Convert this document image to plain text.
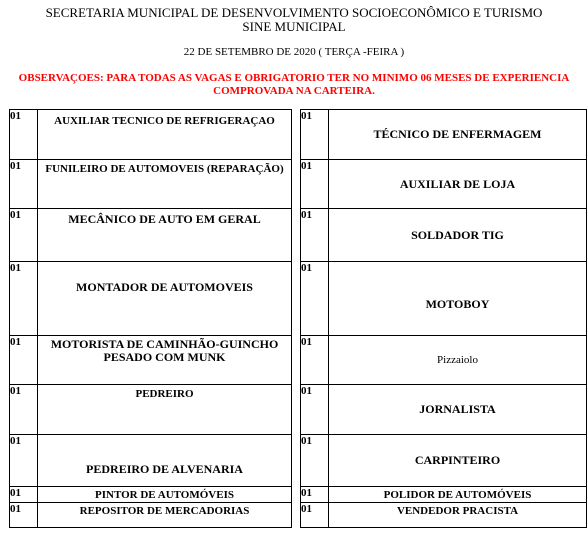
SECRETARIA MUNICIPAL DE DESENVOLVIMENTO SOCIOECONÔMICO E TURISMO
SINE MUNICIPAL
22 DE SETEMBRO DE 2020 ( TERÇA -FEIRA )
OBSERVAÇOES: PARA TODAS AS VAGAS E OBRIGATORIO TER NO MINIMO 06 MESES DE EXPERIENCIA
COMPROVADA NA CARTEIRA.
01	AUXILIAR TECNICO DE REFRIGERAÇAO		01	TÉCNICO DE ENFERMAGEM
01	FUNILEIRO DE AUTOMOVEIS (REPARAÇÃO)		01	AUXILIAR DE LOJA
01	MECÂNICO DE AUTO EM GERAL		01	SOLDADOR TIG
01	MONTADOR DE AUTOMOVEIS		01	MOTOBOY
01	MOTORISTA DE CAMINHÃO-GUINCHO PESADO COM MUNK		01	Pizzaiolo
01	PEDREIRO		01	JORNALISTA
01	PEDREIRO DE ALVENARIA		01	CARPINTEIRO
01	PINTOR DE AUTOMÓVEIS		01	POLIDOR DE AUTOMÓVEIS
01	REPOSITOR DE MERCADORIAS		01	VENDEDOR PRACISTA
